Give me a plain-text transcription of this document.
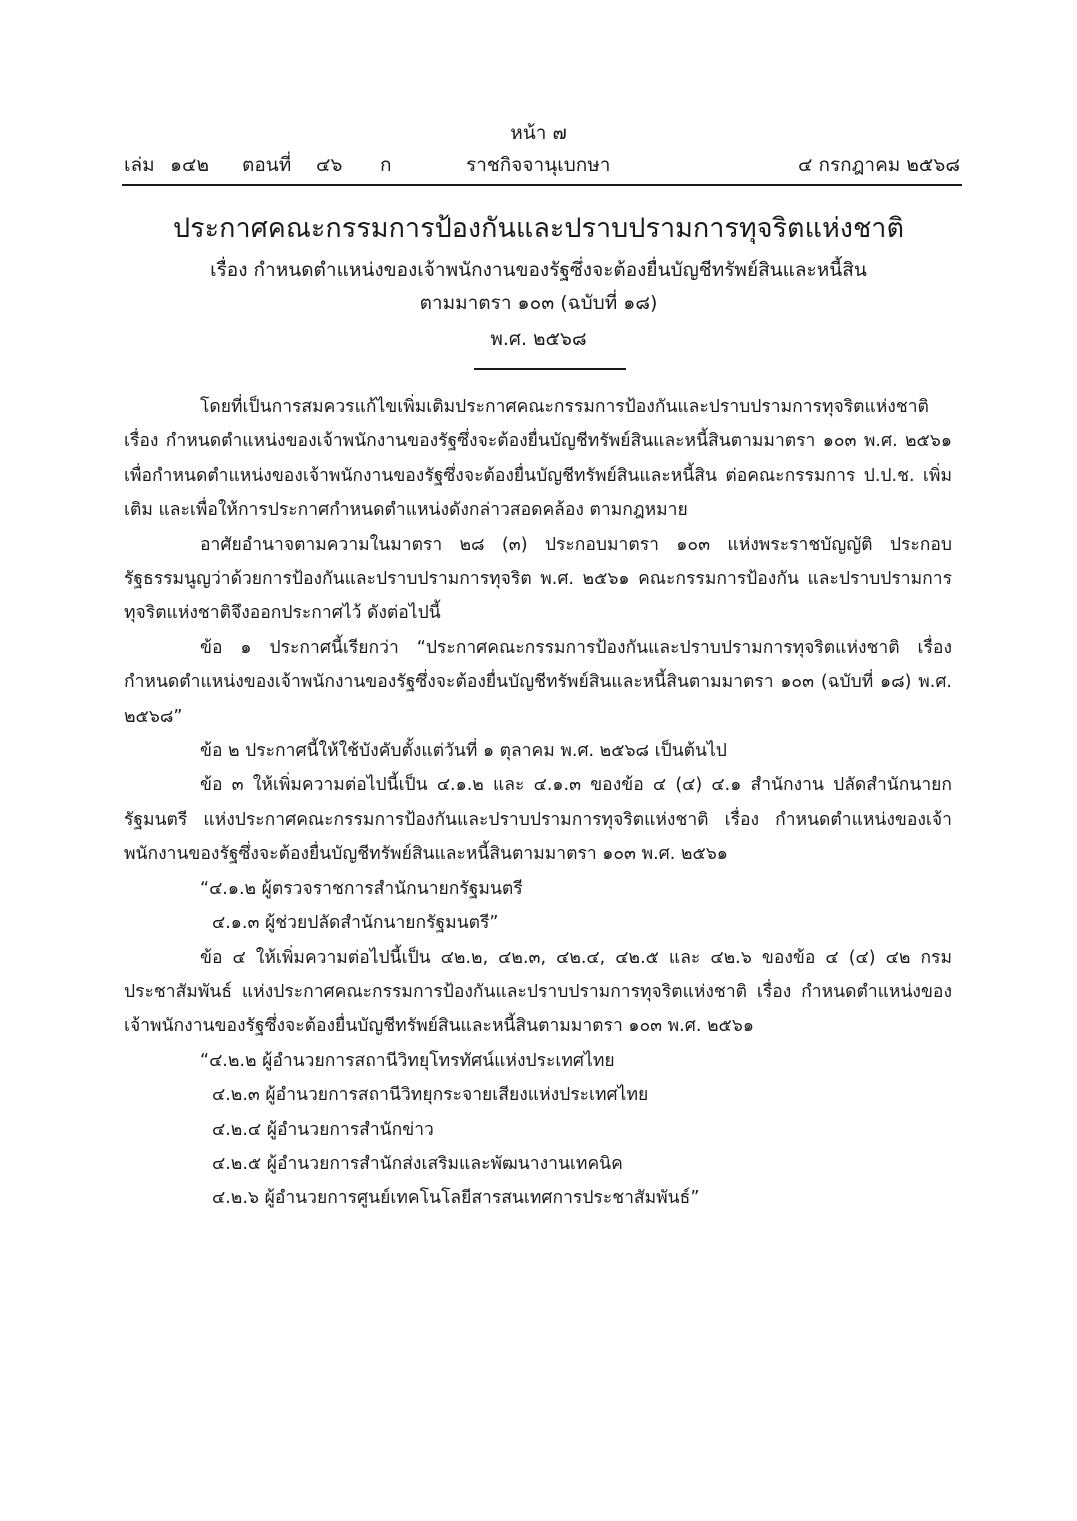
หน้า ๗
เล่ม ๑๔๒ ตอนที่ ๔๖ ก	ราชกิจจานุเบกษา	๔ กรกฎาคม ๒๕๖๘
ประกาศคณะกรรมการป้องกันและปราบปรามการทุจริตแห่งชาติ
เรื่อง กำหนดตำแหน่งของเจ้าพนักงานของรัฐซึ่งจะต้องยื่นบัญชีทรัพย์สินและหนี้สิน
ตามมาตรา ๑๐๓ (ฉบับที่ ๑๘)
พ.ศ. ๒๕๖๘

โดยที่เป็นการสมควรแก้ไขเพิ่มเติมประกาศคณะกรรมการป้องกันและปราบปรามการทุจริตแห่งชาติ เรื่อง กำหนดตำแหน่งของเจ้าพนักงานของรัฐซึ่งจะต้องยื่นบัญชีทรัพย์สินและหนี้สินตามมาตรา ๑๐๓ พ.ศ. ๒๕๖๑ เพื่อกำหนดตำแหน่งของเจ้าพนักงานของรัฐซึ่งจะต้องยื่นบัญชีทรัพย์สินและหนี้สิน ต่อคณะกรรมการ ป.ป.ช. เพิ่มเติม และเพื่อให้การประกาศกำหนดตำแหน่งดังกล่าวสอดคล้อง ตามกฎหมาย

อาศัยอำนาจตามความในมาตรา ๒๘ (๓) ประกอบมาตรา ๑๐๓ แห่งพระราชบัญญัติ ประกอบรัฐธรรมนูญว่าด้วยการป้องกันและปราบปรามการทุจริต พ.ศ. ๒๕๖๑ คณะกรรมการป้องกัน และปราบปรามการทุจริตแห่งชาติจึงออกประกาศไว้ ดังต่อไปนี้

ข้อ ๑ ประกาศนี้เรียกว่า “ประกาศคณะกรรมการป้องกันและปราบปรามการทุจริตแห่งชาติ เรื่อง กำหนดตำแหน่งของเจ้าพนักงานของรัฐซึ่งจะต้องยื่นบัญชีทรัพย์สินและหนี้สินตามมาตรา ๑๐๓ (ฉบับที่ ๑๘) พ.ศ. ๒๕๖๘”

ข้อ ๒ ประกาศนี้ให้ใช้บังคับตั้งแต่วันที่ ๑ ตุลาคม พ.ศ. ๒๕๖๘ เป็นต้นไป

ข้อ ๓ ให้เพิ่มความต่อไปนี้เป็น ๔.๑.๒ และ ๔.๑.๓ ของข้อ ๔ (๔) ๔.๑ สำนักงาน ปลัดสำนักนายกรัฐมนตรี แห่งประกาศคณะกรรมการป้องกันและปราบปรามการทุจริตแห่งชาติ เรื่อง กำหนดตำแหน่งของเจ้าพนักงานของรัฐซึ่งจะต้องยื่นบัญชีทรัพย์สินและหนี้สินตามมาตรา ๑๐๓ พ.ศ. ๒๕๖๑

“๔.๑.๒ ผู้ตรวจราชการสำนักนายกรัฐมนตรี

๔.๑.๓ ผู้ช่วยปลัดสำนักนายกรัฐมนตรี”

ข้อ ๔ ให้เพิ่มความต่อไปนี้เป็น ๔๒.๒, ๔๒.๓, ๔๒.๔, ๔๒.๕ และ ๔๒.๖ ของข้อ ๔ (๔) ๔๒ กรมประชาสัมพันธ์ แห่งประกาศคณะกรรมการป้องกันและปราบปรามการทุจริตแห่งชาติ เรื่อง กำหนดตำแหน่งของเจ้าพนักงานของรัฐซึ่งจะต้องยื่นบัญชีทรัพย์สินและหนี้สินตามมาตรา ๑๐๓ พ.ศ. ๒๕๖๑

“๔.๒.๒ ผู้อำนวยการสถานีวิทยุโทรทัศน์แห่งประเทศไทย

๔.๒.๓ ผู้อำนวยการสถานีวิทยุกระจายเสียงแห่งประเทศไทย

๔.๒.๔ ผู้อำนวยการสำนักข่าว

๔.๒.๕ ผู้อำนวยการสำนักส่งเสริมและพัฒนางานเทคนิค

๔.๒.๖ ผู้อำนวยการศูนย์เทคโนโลยีสารสนเทศการประชาสัมพันธ์”
